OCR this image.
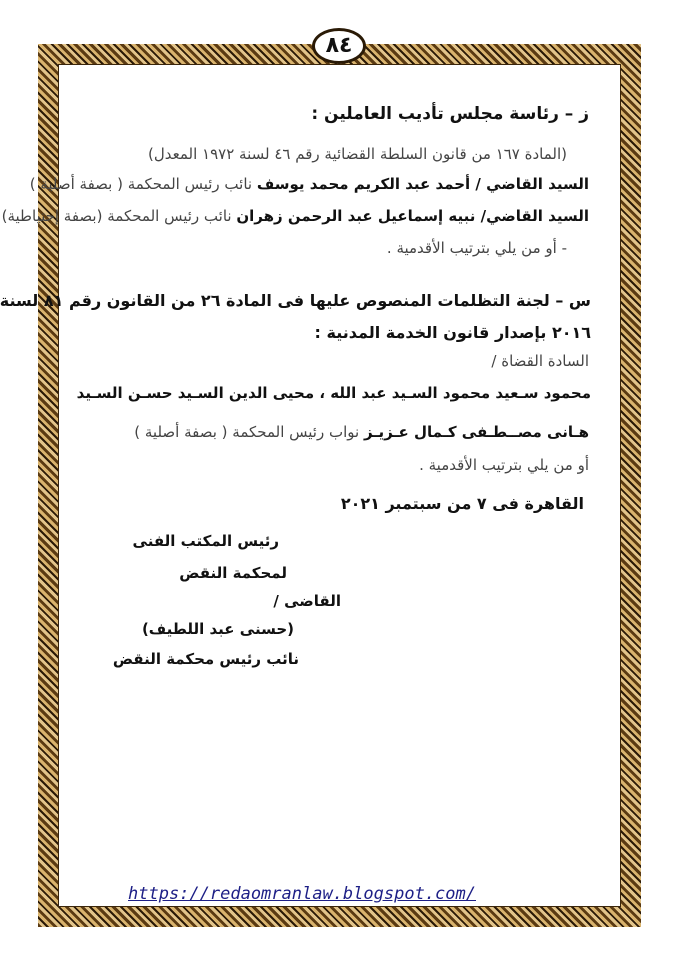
٨٤
ز – رئاسة مجلس تأديب العاملين :
(المادة ١٦٧ من قانون السلطة القضائية رقم ٤٦ لسنة ١٩٧٢ المعدل)
السيد القاضي / أحمد عبد الكريم محمد يوسف نائب رئيس المحكمة ( بصفة أصلية )
السيد القاضي/ نبيه إسماعيل عبد الرحمن زهران نائب رئيس المحكمة (بصفة إحتياطية)
- أو من يلي بترتيب الأقدمية .
س – لجنة التظلمات المنصوص عليها فى المادة ٢٦ من القانون رقم ٨١ لسنة
٢٠١٦ بإصدار قانون الخدمة المدنية :
السادة القضاة /
محمود سـعيد محمود السـيد عبد الله ، محيى الدين السـيد حسـن السـيد
هـانى مصــطـفى كـمال عـزيـز نواب رئيس المحكمة ( بصفة أصلية )
أو من يلي بترتيب الأقدمية .
القاهرة فى ٧ من سبتمبر ٢٠٢١
رئيس المكتب الفنى
لمحكمة النقض
القاضى /
(حسنى عبد اللطيف)
نائب رئيس محكمة النقض
https://redaomranlaw.blogspot.com/
